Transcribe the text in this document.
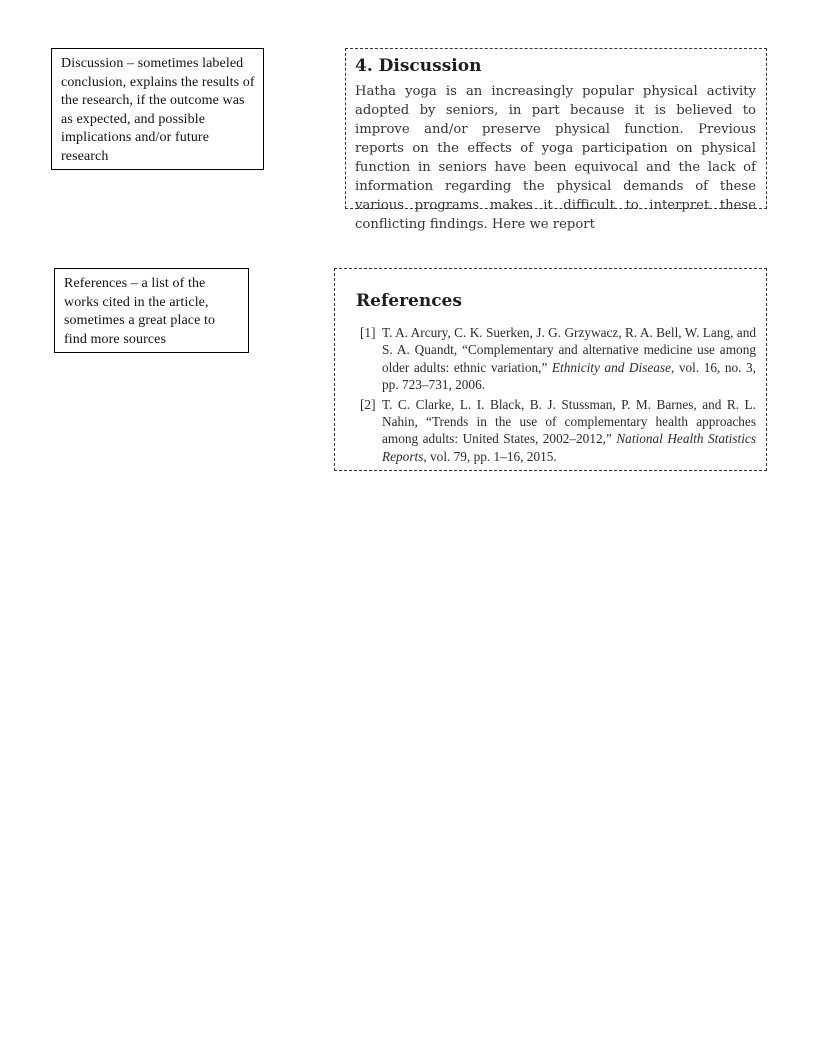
Discussion – sometimes labeled conclusion, explains the results of the research, if the outcome was as expected, and possible implications and/or future research
4. Discussion

Hatha yoga is an increasingly popular physical activity adopted by seniors, in part because it is believed to improve and/or preserve physical function. Previous reports on the effects of yoga participation on physical function in seniors have been equivocal and the lack of information regarding the physical demands of these various programs makes it difficult to interpret these conflicting findings. Here we report

References – a list of the works cited in the article, sometimes a great place to find more sources
References
[1] T. A. Arcury, C. K. Suerken, J. G. Grzywacz, R. A. Bell, W. Lang, and S. A. Quandt, “Complementary and alternative medicine use among older adults: ethnic variation,” Ethnicity and Disease, vol. 16, no. 3, pp. 723–731, 2006.
[2] T. C. Clarke, L. I. Black, B. J. Stussman, P. M. Barnes, and R. L. Nahin, “Trends in the use of complementary health approaches among adults: United States, 2002–2012,” National Health Statistics Reports, vol. 79, pp. 1–16, 2015.
